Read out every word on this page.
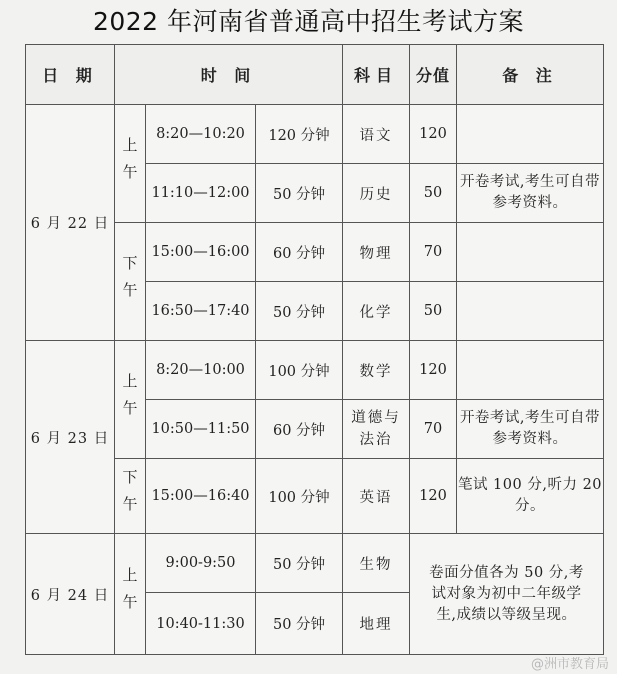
2022 年河南省普通高中招生考试方案
日 期	时 间			科目	分值	备 注
6 月 22 日	上午	8:20—10:20	120 分钟	语文	120	
		11:10—12:00	50 分钟	历史	50	开卷考试,考生可自带参考资料。

	下午	15:00—16:00	60 分钟	物理	70	
		16:50—17:40	50 分钟	化学	50	
6 月 23 日	上午	8:20—10:00	100 分钟	数学	120	
		10:50—11:50	60 分钟	道德与法治	70	开卷考试,考生可自带参考资料。

	下午	15:00—16:40	100 分钟	英语	120	笔试 100 分,听力 20 分。
6 月 24 日	上午	9:00-9:50	50 分钟	生物	卷面分值各为 50 分,考试对象为初中二年级学生,成绩以等级呈现。	
		10:40-11:30	50 分钟	地理		
@洲市教育局
